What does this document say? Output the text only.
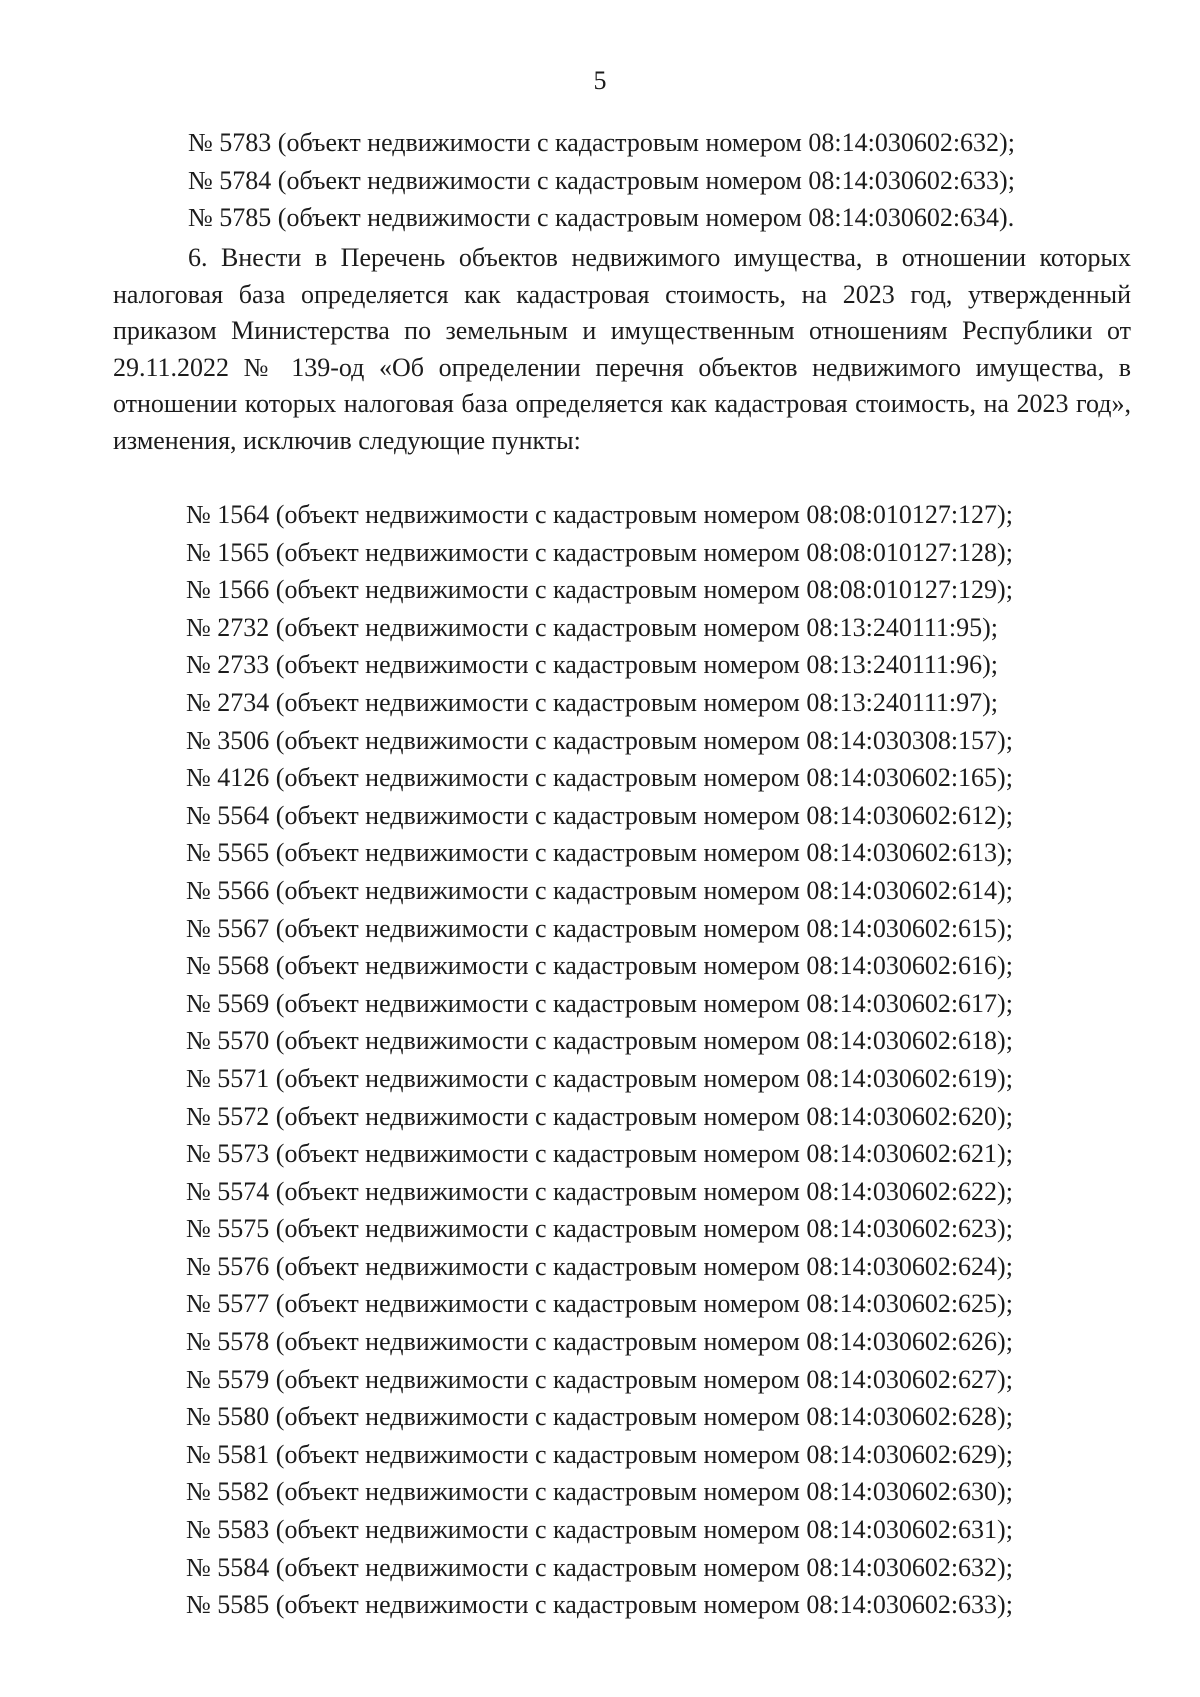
5
№ 5783 (объект недвижимости с кадастровым номером 08:14:030602:632);
№ 5784 (объект недвижимости с кадастровым номером 08:14:030602:633);
№ 5785 (объект недвижимости с кадастровым номером 08:14:030602:634).

6. Внести в Перечень объектов недвижимого имущества, в отношении которых налоговая база определяется как кадастровая стоимость, на 2023 год, утвержденный приказом Министерства по земельным и имущественным отношениям Республики от 29.11.2022 № 139-од «Об определении перечня объектов недвижимого имущества, в отношении которых налоговая база определяется как кадастровая стоимость, на 2023 год», изменения, исключив следующие пункты:

№ 1564 (объект недвижимости с кадастровым номером 08:08:010127:127);
№ 1565 (объект недвижимости с кадастровым номером 08:08:010127:128);
№ 1566 (объект недвижимости с кадастровым номером 08:08:010127:129);
№ 2732 (объект недвижимости с кадастровым номером 08:13:240111:95);
№ 2733 (объект недвижимости с кадастровым номером 08:13:240111:96);
№ 2734 (объект недвижимости с кадастровым номером 08:13:240111:97);
№ 3506 (объект недвижимости с кадастровым номером 08:14:030308:157);
№ 4126 (объект недвижимости с кадастровым номером 08:14:030602:165);
№ 5564 (объект недвижимости с кадастровым номером 08:14:030602:612);
№ 5565 (объект недвижимости с кадастровым номером 08:14:030602:613);
№ 5566 (объект недвижимости с кадастровым номером 08:14:030602:614);
№ 5567 (объект недвижимости с кадастровым номером 08:14:030602:615);
№ 5568 (объект недвижимости с кадастровым номером 08:14:030602:616);
№ 5569 (объект недвижимости с кадастровым номером 08:14:030602:617);
№ 5570 (объект недвижимости с кадастровым номером 08:14:030602:618);
№ 5571 (объект недвижимости с кадастровым номером 08:14:030602:619);
№ 5572 (объект недвижимости с кадастровым номером 08:14:030602:620);
№ 5573 (объект недвижимости с кадастровым номером 08:14:030602:621);
№ 5574 (объект недвижимости с кадастровым номером 08:14:030602:622);
№ 5575 (объект недвижимости с кадастровым номером 08:14:030602:623);
№ 5576 (объект недвижимости с кадастровым номером 08:14:030602:624);
№ 5577 (объект недвижимости с кадастровым номером 08:14:030602:625);
№ 5578 (объект недвижимости с кадастровым номером 08:14:030602:626);
№ 5579 (объект недвижимости с кадастровым номером 08:14:030602:627);
№ 5580 (объект недвижимости с кадастровым номером 08:14:030602:628);
№ 5581 (объект недвижимости с кадастровым номером 08:14:030602:629);
№ 5582 (объект недвижимости с кадастровым номером 08:14:030602:630);
№ 5583 (объект недвижимости с кадастровым номером 08:14:030602:631);
№ 5584 (объект недвижимости с кадастровым номером 08:14:030602:632);
№ 5585 (объект недвижимости с кадастровым номером 08:14:030602:633);
